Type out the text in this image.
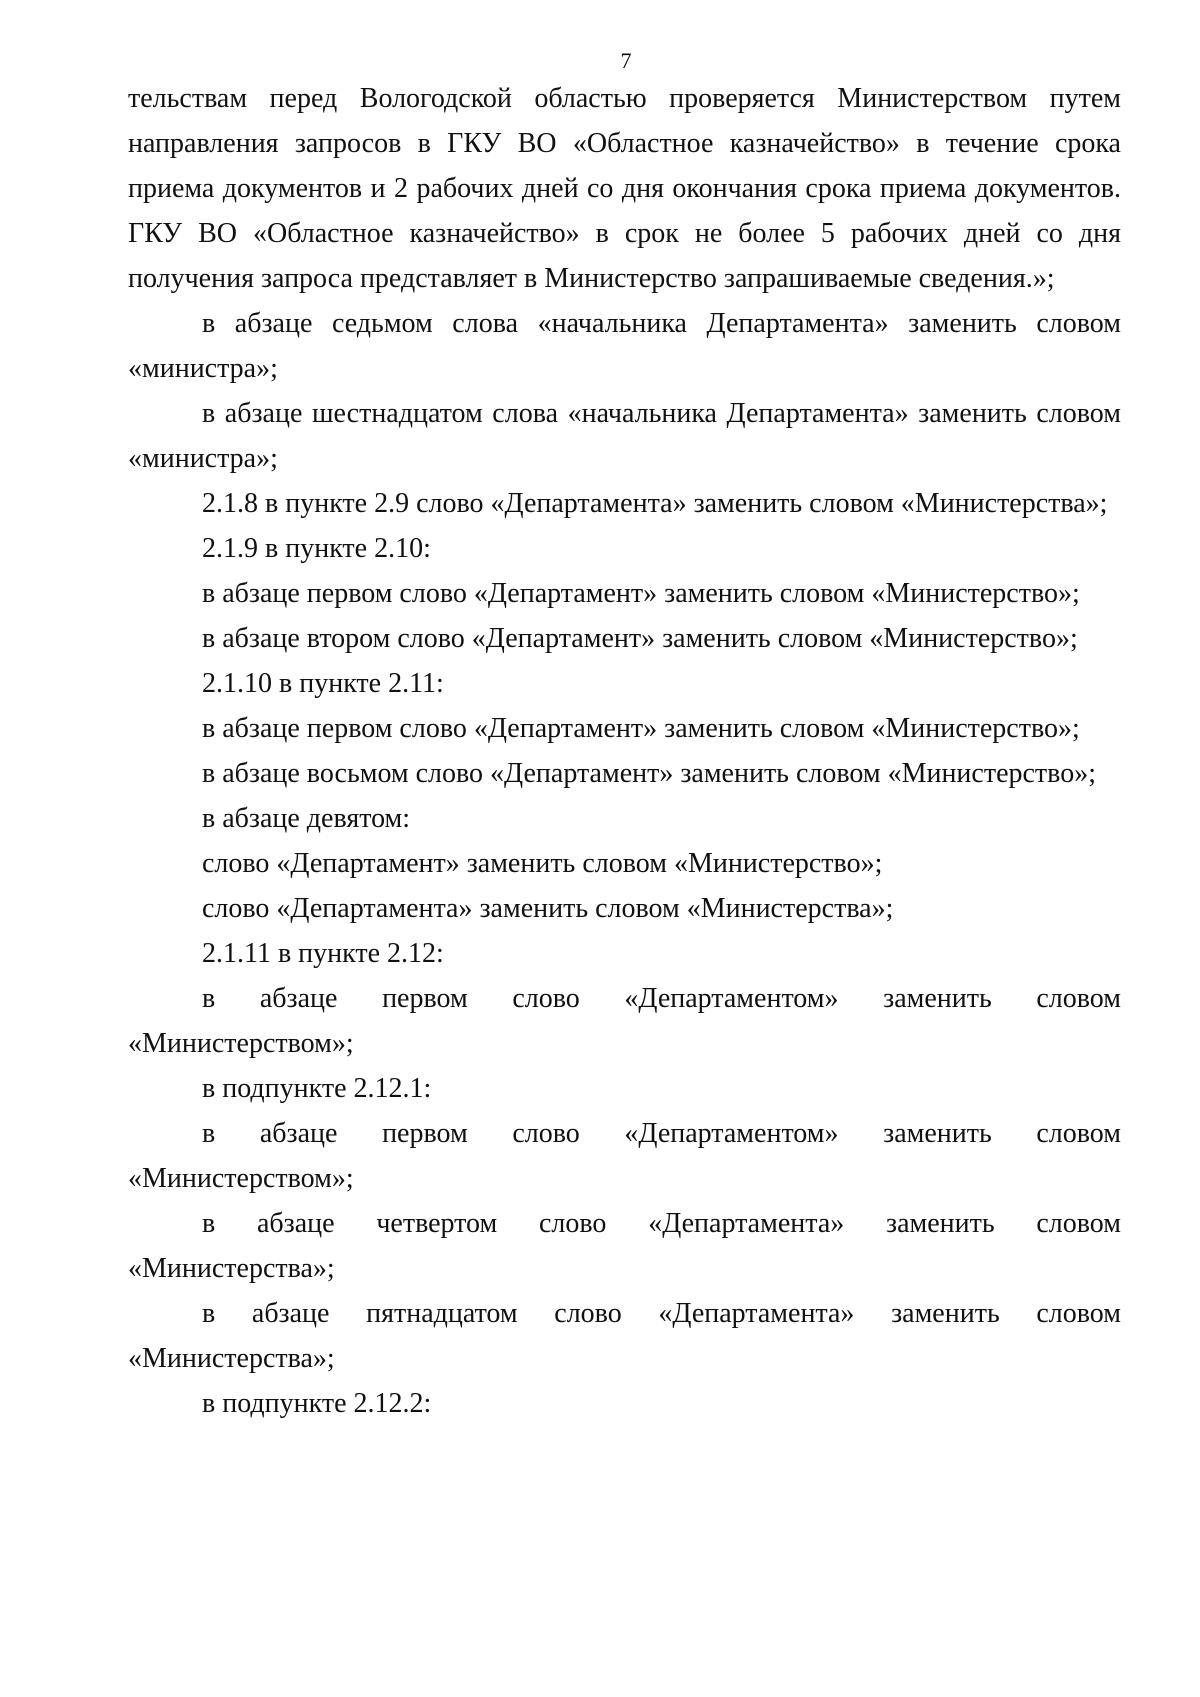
7

тельствам перед Вологодской областью проверяется Министерством путем направления запросов в ГКУ ВО «Областное казначейство» в течение срока приема документов и 2 рабочих дней со дня окончания срока приема документов. ГКУ ВО «Областное казначейство» в срок не более 5 рабочих дней со дня получения запроса представляет в Министерство запрашиваемые сведения.»;

в абзаце седьмом слова «начальника Департамента» заменить словом «министра»;

в абзаце шестнадцатом слова «начальника Департамента» заменить словом «министра»;

2.1.8 в пункте 2.9 слово «Департамента» заменить словом «Министерства»;

2.1.9 в пункте 2.10:

в абзаце первом слово «Департамент» заменить словом «Министерство»;

в абзаце втором слово «Департамент» заменить словом «Министерство»;

2.1.10 в пункте 2.11:

в абзаце первом слово «Департамент» заменить словом «Министерство»;

в абзаце восьмом слово «Департамент» заменить словом «Министерство»;

в абзаце девятом:

слово «Департамент» заменить словом «Министерство»;

слово «Департамента» заменить словом «Министерства»;

2.1.11 в пункте 2.12:

в абзаце первом слово «Департаментом» заменить словом «Министерством»;

в подпункте 2.12.1:

в абзаце первом слово «Департаментом» заменить словом «Министерством»;

в абзаце четвертом слово «Департамента» заменить словом «Министерства»;

в абзаце пятнадцатом слово «Департамента» заменить словом «Министерства»;

в подпункте 2.12.2:
